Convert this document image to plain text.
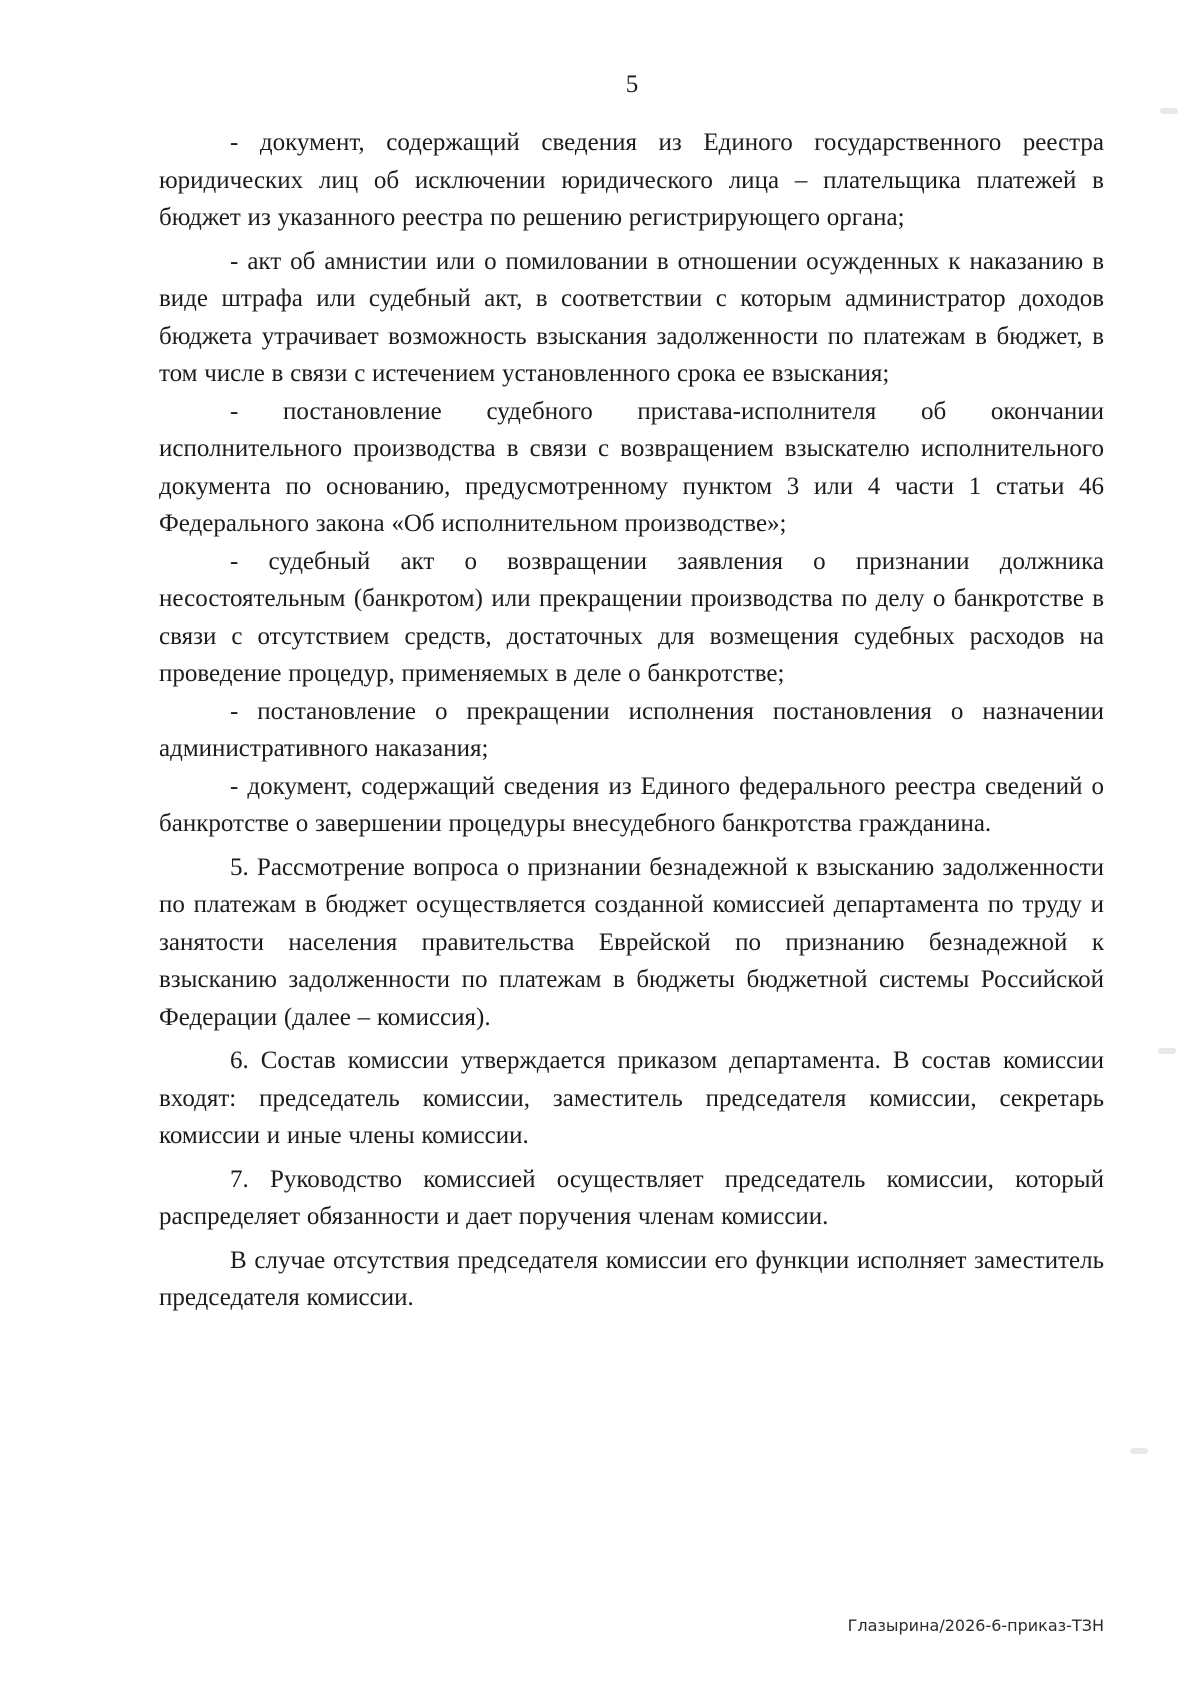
5

- документ, содержащий сведения из Единого государственного реестра юридических лиц об исключении юридического лица – плательщика платежей в бюджет из указанного реестра по решению регистрирующего органа;

- акт об амнистии или о помиловании в отношении осужденных к наказанию в виде штрафа или судебный акт, в соответствии с которым администратор доходов бюджета утрачивает возможность взыскания задолженности по платежам в бюджет, в том числе в связи с истечением установленного срока ее взыскания;

- постановление судебного пристава-исполнителя об окончании исполнительного производства в связи с возвращением взыскателю исполнительного документа по основанию, предусмотренному пунктом 3 или 4 части 1 статьи 46 Федерального закона «Об исполнительном производстве»;

- судебный акт о возвращении заявления о признании должника несостоятельным (банкротом) или прекращении производства по делу о банкротстве в связи с отсутствием средств, достаточных для возмещения судебных расходов на проведение процедур, применяемых в деле о банкротстве;

- постановление о прекращении исполнения постановления о назначении административного наказания;

- документ, содержащий сведения из Единого федерального реестра сведений о банкротстве о завершении процедуры внесудебного банкротства гражданина.

5. Рассмотрение вопроса о признании безнадежной к взысканию задолженности по платежам в бюджет осуществляется созданной комиссией департамента по труду и занятости населения правительства Еврейской по признанию безнадежной к взысканию задолженности по платежам в бюджеты бюджетной системы Российской Федерации (далее – комиссия).

6. Состав комиссии утверждается приказом департамента. В состав комиссии входят: председатель комиссии, заместитель председателя комиссии, секретарь комиссии и иные члены комиссии.

7. Руководство комиссией осуществляет председатель комиссии, который распределяет обязанности и дает поручения членам комиссии.

В случае отсутствия председателя комиссии его функции исполняет заместитель председателя комиссии.

Глазырина/2026-6-приказ-ТЗН
